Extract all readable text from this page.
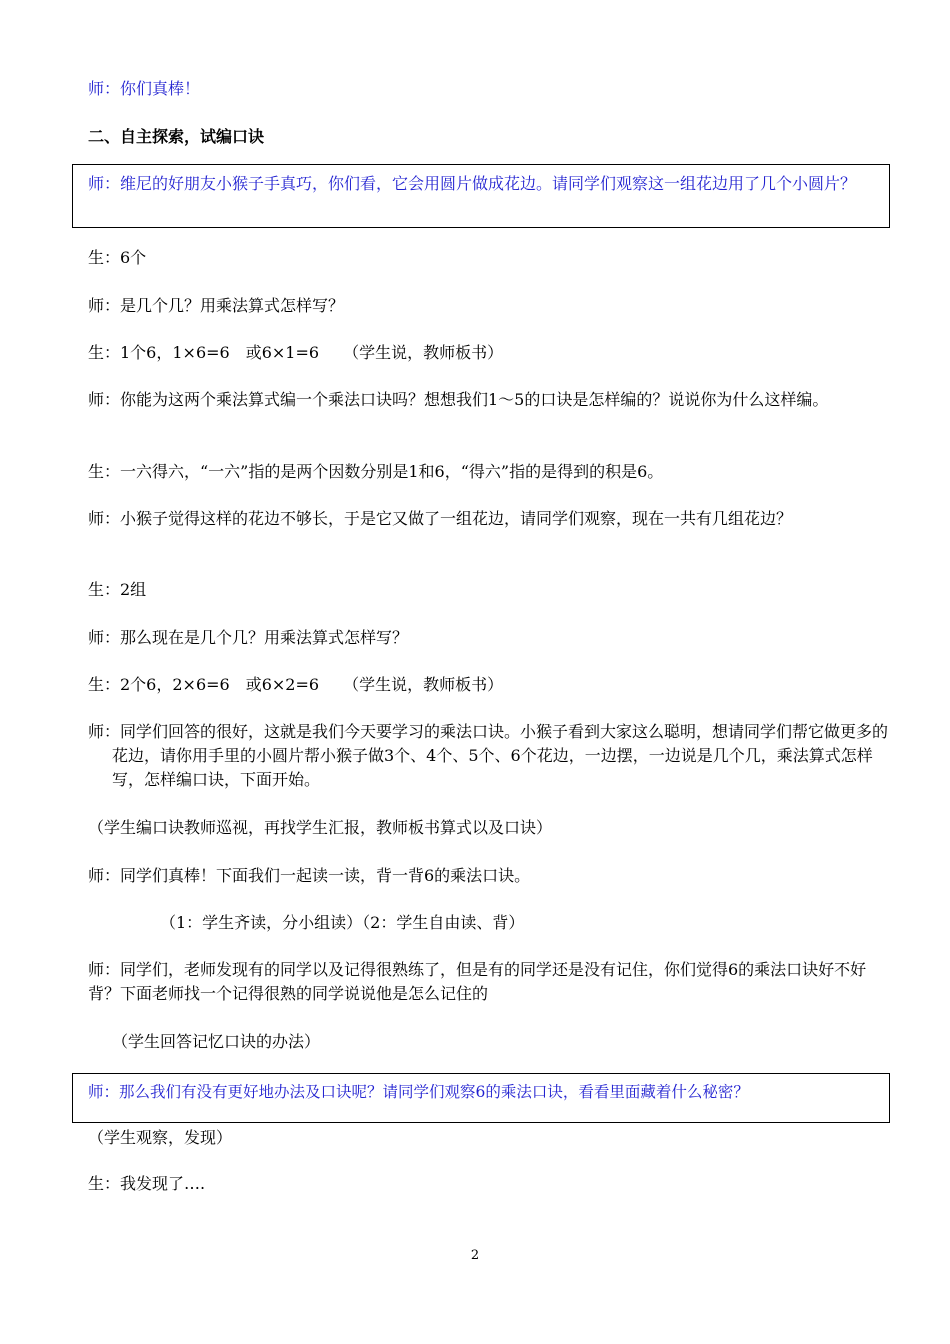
师：你们真棒！

二、自主探索，试编口诀

师：维尼的好朋友小猴子手真巧，你们看，它会用圆片做成花边。请同学们观察这一组花边用了几个小圆片？

生：6个

师：是几个几？用乘法算式怎样写？

生：1个6，1×6=6　或6×1=6　　（学生说，教师板书）

师：你能为这两个乘法算式编一个乘法口诀吗？想想我们1～5的口诀是怎样编的？说说你为什么这样编。

生：一六得六，“一六”指的是两个因数分别是1和6，“得六”指的是得到的积是6。

师：小猴子觉得这样的花边不够长，于是它又做了一组花边，请同学们观察，现在一共有几组花边？

生：2组

师：那么现在是几个几？用乘法算式怎样写？

生：2个6，2×6=6　或6×2=6　　（学生说，教师板书）

师：同学们回答的很好，这就是我们今天要学习的乘法口诀。小猴子看到大家这么聪明，想请同学们帮它做更多的花边，请你用手里的小圆片帮小猴子做3个、4个、5个、6个花边，一边摆，一边说是几个几，乘法算式怎样写，怎样编口诀，下面开始。

（学生编口诀教师巡视，再找学生汇报，教师板书算式以及口诀）

师：同学们真棒！下面我们一起读一读，背一背6的乘法口诀。

（1：学生齐读，分小组读）（2：学生自由读、背）

师：同学们，老师发现有的同学以及记得很熟练了，但是有的同学还是没有记住，你们觉得6的乘法口诀好不好背？下面老师找一个记得很熟的同学说说他是怎么记住的

（学生回答记忆口诀的办法）

师：那么我们有没有更好地办法及口诀呢？请同学们观察6的乘法口诀，看看里面藏着什么秘密？

（学生观察，发现）

生：我发现了….

2
